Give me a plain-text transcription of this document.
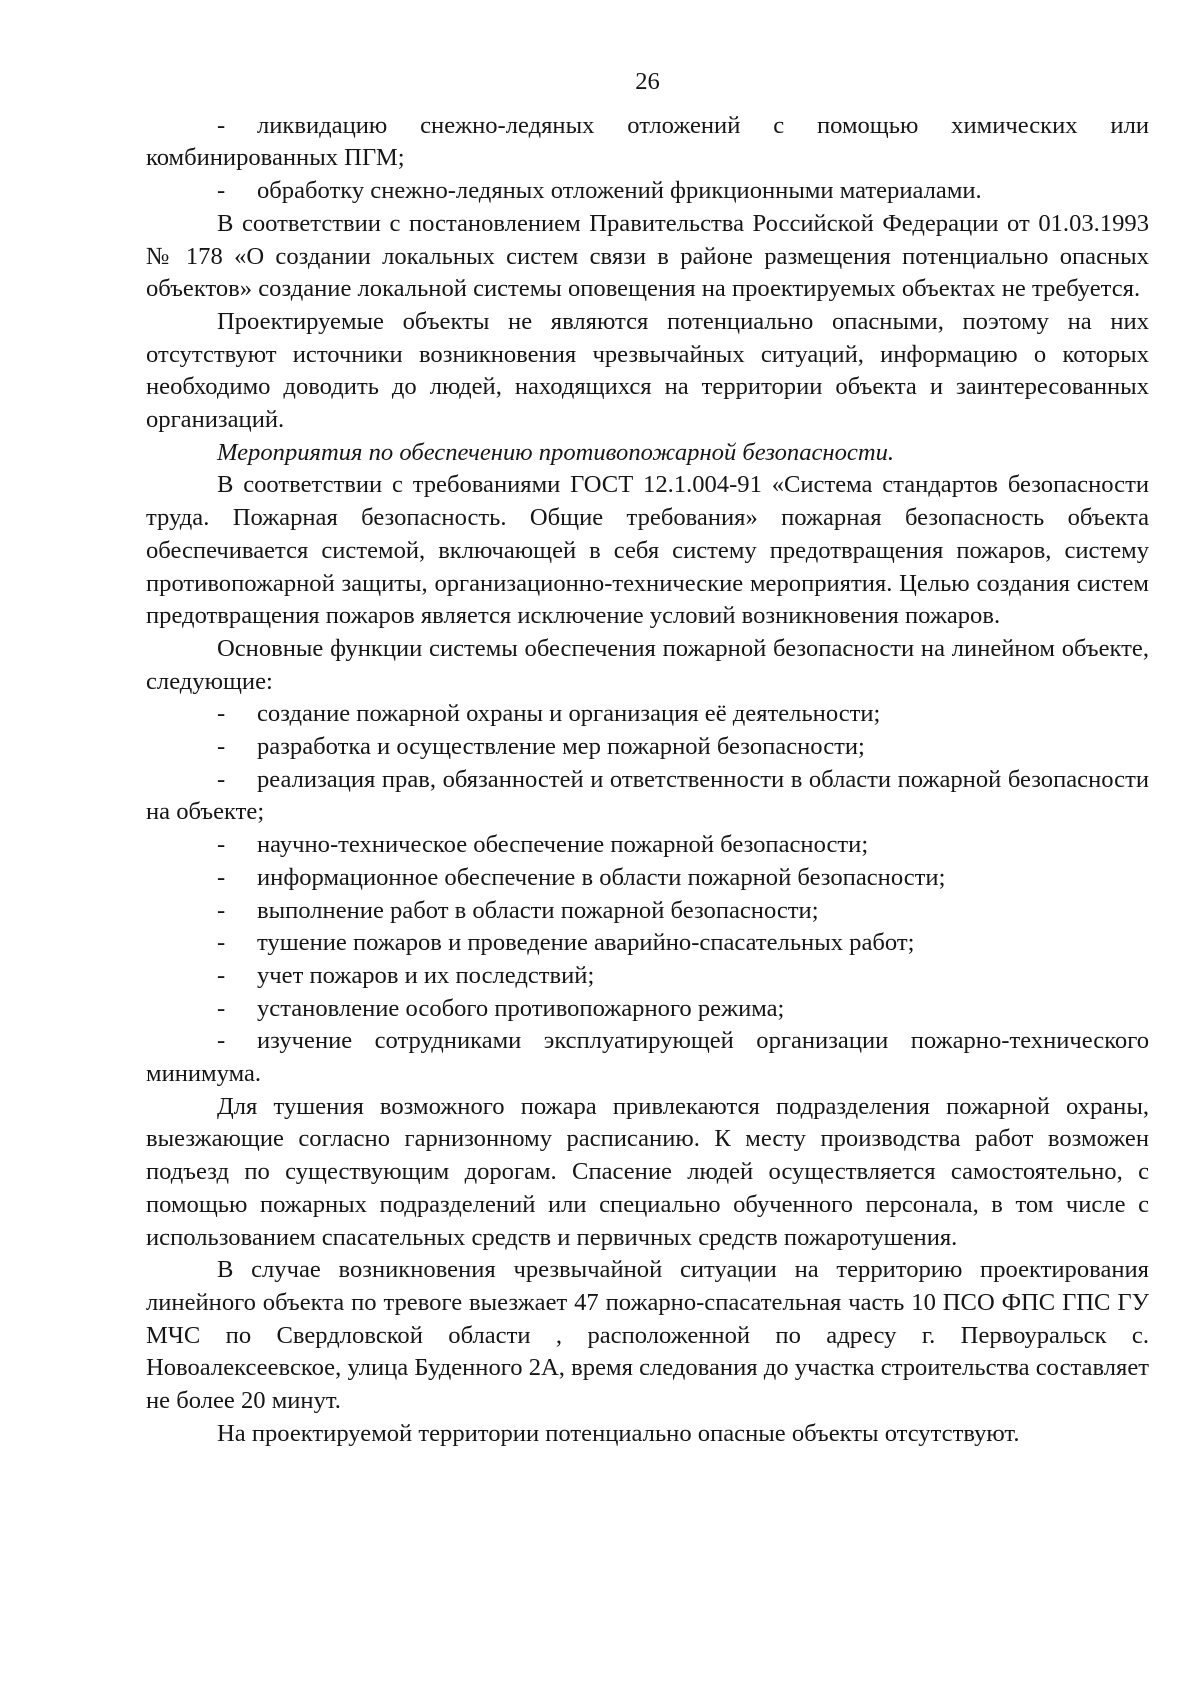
26

- ликвидацию снежно-ледяных отложений с помощью химических или комбинированных ПГМ;

- обработку снежно-ледяных отложений фрикционными материалами.

В соответствии с постановлением Правительства Российской Федерации от 01.03.1993 № 178 «О создании локальных систем связи в районе размещения потенциально опасных объектов» создание локальной системы оповещения на проектируемых объектах не требуется.

Проектируемые объекты не являются потенциально опасными, поэтому на них отсутствуют источники возникновения чрезвычайных ситуаций, информацию о которых необходимо доводить до людей, находящихся на территории объекта и заинтересованных организаций.

Мероприятия по обеспечению противопожарной безопасности.

В соответствии с требованиями ГОСТ 12.1.004-91 «Система стандартов безопасности труда. Пожарная безопасность. Общие требования» пожарная безопасность объекта обеспечивается системой, включающей в себя систему предотвращения пожаров, систему противопожарной защиты, организационно-технические мероприятия. Целью создания систем предотвращения пожаров является исключение условий возникновения пожаров.

Основные функции системы обеспечения пожарной безопасности на линейном объекте, следующие:

- создание пожарной охраны и организация её деятельности;

- разработка и осуществление мер пожарной безопасности;

- реализация прав, обязанностей и ответственности в области пожарной безопасности на объекте;

- научно-техническое обеспечение пожарной безопасности;

- информационное обеспечение в области пожарной безопасности;

- выполнение работ в области пожарной безопасности;

- тушение пожаров и проведение аварийно-спасательных работ;

- учет пожаров и их последствий;

- установление особого противопожарного режима;

- изучение сотрудниками эксплуатирующей организации пожарно-технического минимума.

Для тушения возможного пожара привлекаются подразделения пожарной охраны, выезжающие согласно гарнизонному расписанию. К месту производства работ возможен подъезд по существующим дорогам. Спасение людей осуществляется самостоятельно, с помощью пожарных подразделений или специально обученного персонала, в том числе с использованием спасательных средств и первичных средств пожаротушения.

В случае возникновения чрезвычайной ситуации на территорию проектирования линейного объекта по тревоге выезжает 47 пожарно-спасательная часть 10 ПСО ФПС ГПС ГУ МЧС по Свердловской области , расположенной по адресу г. Первоуральск с. Новоалексеевское, улица Буденного 2А, время следования до участка строительства составляет не более 20 минут.

На проектируемой территории потенциально опасные объекты отсутствуют.
